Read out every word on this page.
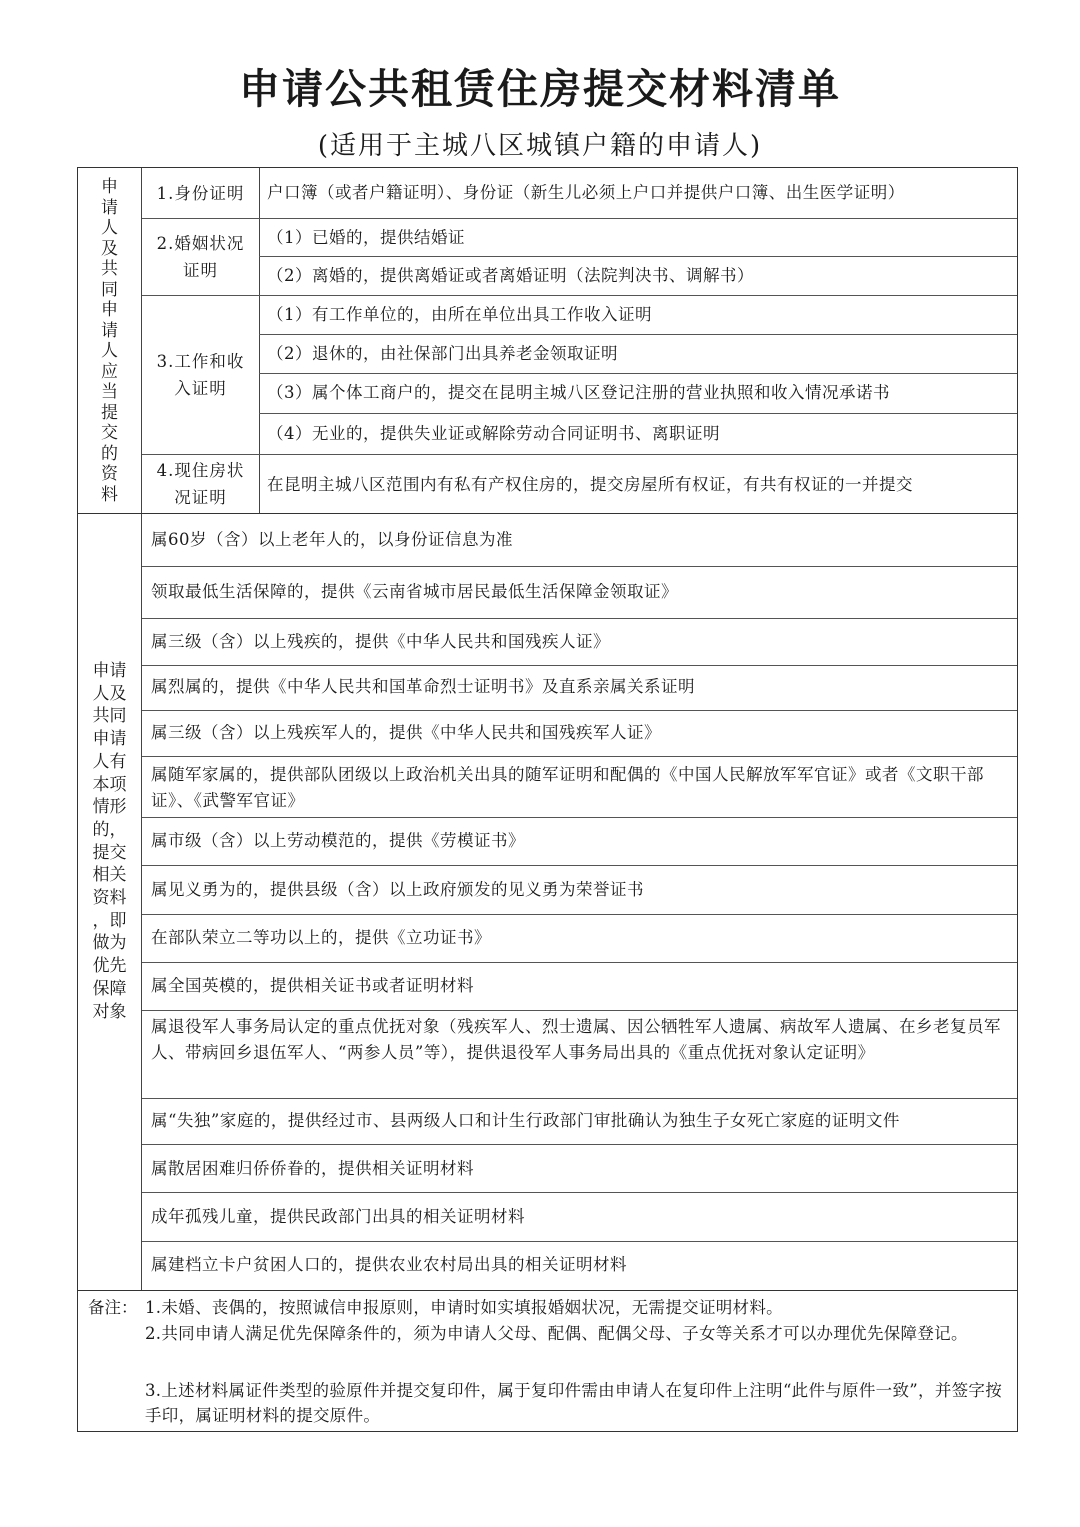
申请公共租赁住房提交材料清单
(适用于主城八区城镇户籍的申请人)
申
请
人
及
共
同
申
请
人
应
当
提
交
的
资
料
1.身份证明
2.婚姻状况证明
3.工作和收入证明
4.现住房状况证明
户口簿（或者户籍证明）、身份证（新生儿必须上户口并提供户口簿、出生医学证明）
（1）已婚的，提供结婚证
（2）离婚的，提供离婚证或者离婚证明（法院判决书、调解书）
（1）有工作单位的，由所在单位出具工作收入证明
（2）退休的，由社保部门出具养老金领取证明
（3）属个体工商户的，提交在昆明主城八区登记注册的营业执照和收入情况承诺书
（4）无业的，提供失业证或解除劳动合同证明书、离职证明
在昆明主城八区范围内有私有产权住房的，提交房屋所有权证，有共有权证的一并提交
申请
人及
共同
申请
人有
本项
情形
的，
提交
相关
资料
，即
做为
优先
保障
对象
属60岁（含）以上老年人的，以身份证信息为准
领取最低生活保障的，提供《云南省城市居民最低生活保障金领取证》
属三级（含）以上残疾的，提供《中华人民共和国残疾人证》
属烈属的，提供《中华人民共和国革命烈士证明书》及直系亲属关系证明
属三级（含）以上残疾军人的，提供《中华人民共和国残疾军人证》
属随军家属的，提供部队团级以上政治机关出具的随军证明和配偶的《中国人民解放军军官证》或者《文职干部证》、《武警军官证》
属市级（含）以上劳动模范的，提供《劳模证书》
属见义勇为的，提供县级（含）以上政府颁发的见义勇为荣誉证书
在部队荣立二等功以上的，提供《立功证书》
属全国英模的，提供相关证书或者证明材料
属退役军人事务局认定的重点优抚对象（残疾军人、烈士遗属、因公牺牲军人遗属、病故军人遗属、在乡老复员军人、带病回乡退伍军人、“两参人员”等），提供退役军人事务局出具的《重点优抚对象认定证明》
属“失独”家庭的，提供经过市、县两级人口和计生行政部门审批确认为独生子女死亡家庭的证明文件
属散居困难归侨侨眷的，提供相关证明材料
成年孤残儿童，提供民政部门出具的相关证明材料
属建档立卡户贫困人口的，提供农业农村局出具的相关证明材料
备注： 1.未婚、丧偶的，按照诚信申报原则，申请时如实填报婚姻状况，无需提交证明材料。
2.共同申请人满足优先保障条件的，须为申请人父母、配偶、配偶父母、子女等关系才可以办理优先保障登记。
3.上述材料属证件类型的验原件并提交复印件，属于复印件需由申请人在复印件上注明“此件与原件一致”，并签字按手印，属证明材料的提交原件。
